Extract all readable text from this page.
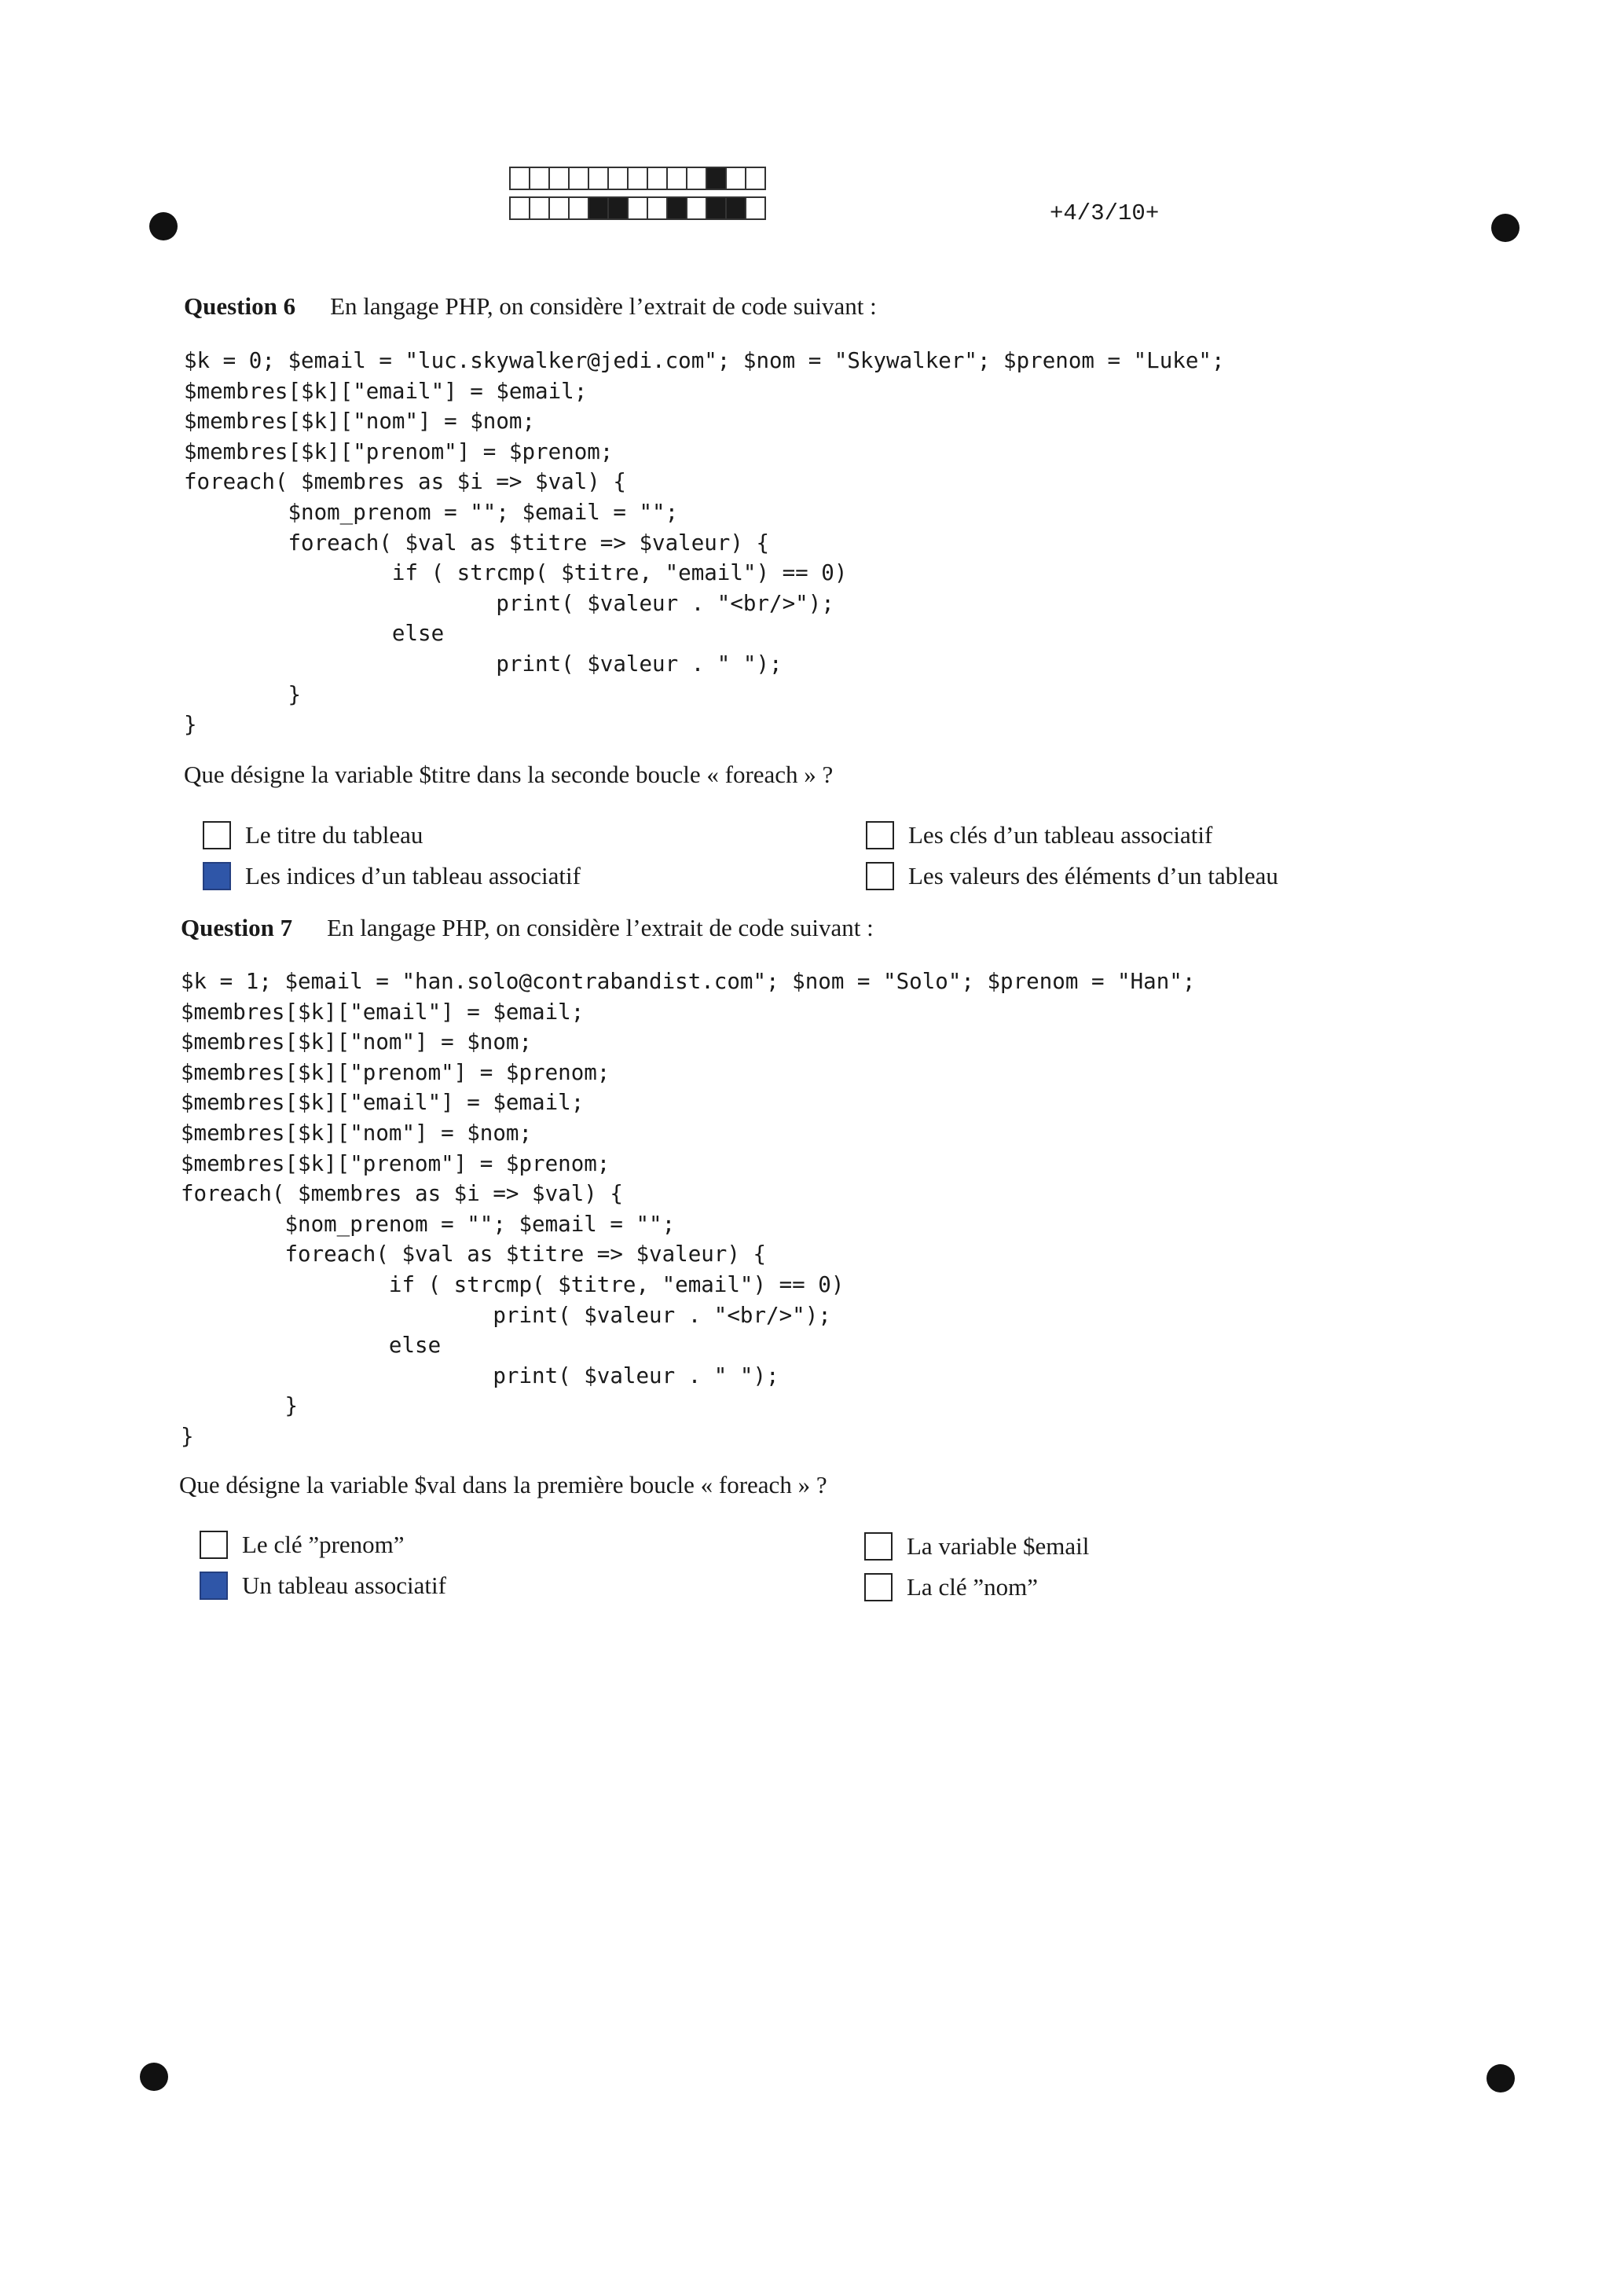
+4/3/10+
Question 6 En langage PHP, on considère l’extrait de code suivant :
$k = 0; $email = "luc.skywalker@jedi.com"; $nom = "Skywalker"; $prenom = "Luke";
$membres[$k]["email"] = $email;
$membres[$k]["nom"] = $nom;
$membres[$k]["prenom"] = $prenom;
foreach( $membres as $i => $val) {
$nom_prenom = ""; $email = "";
foreach( $val as $titre => $valeur) {
if ( strcmp( $titre, "email") == 0)
print( $valeur . "<br/>");
else
print( $valeur . " ");
}
}
Que désigne la variable $titre dans la seconde boucle « foreach » ?
Le titre du tableau	Les clés d’un tableau associatif
Les indices d’un tableau associatif	Les valeurs des éléments d’un tableau
Question 7 En langage PHP, on considère l’extrait de code suivant :
$k = 1; $email = "han.solo@contrabandist.com"; $nom = "Solo"; $prenom = "Han";
$membres[$k]["email"] = $email;
$membres[$k]["nom"] = $nom;
$membres[$k]["prenom"] = $prenom;
$membres[$k]["email"] = $email;
$membres[$k]["nom"] = $nom;
$membres[$k]["prenom"] = $prenom;
foreach( $membres as $i => $val) {
$nom_prenom = ""; $email = "";
foreach( $val as $titre => $valeur) {
if ( strcmp( $titre, "email") == 0)
print( $valeur . "<br/>");
else
print( $valeur . " ");
}
}
Que désigne la variable $val dans la première boucle « foreach » ?
Le clé ”prenom”	La variable $email
Un tableau associatif	La clé ”nom”
